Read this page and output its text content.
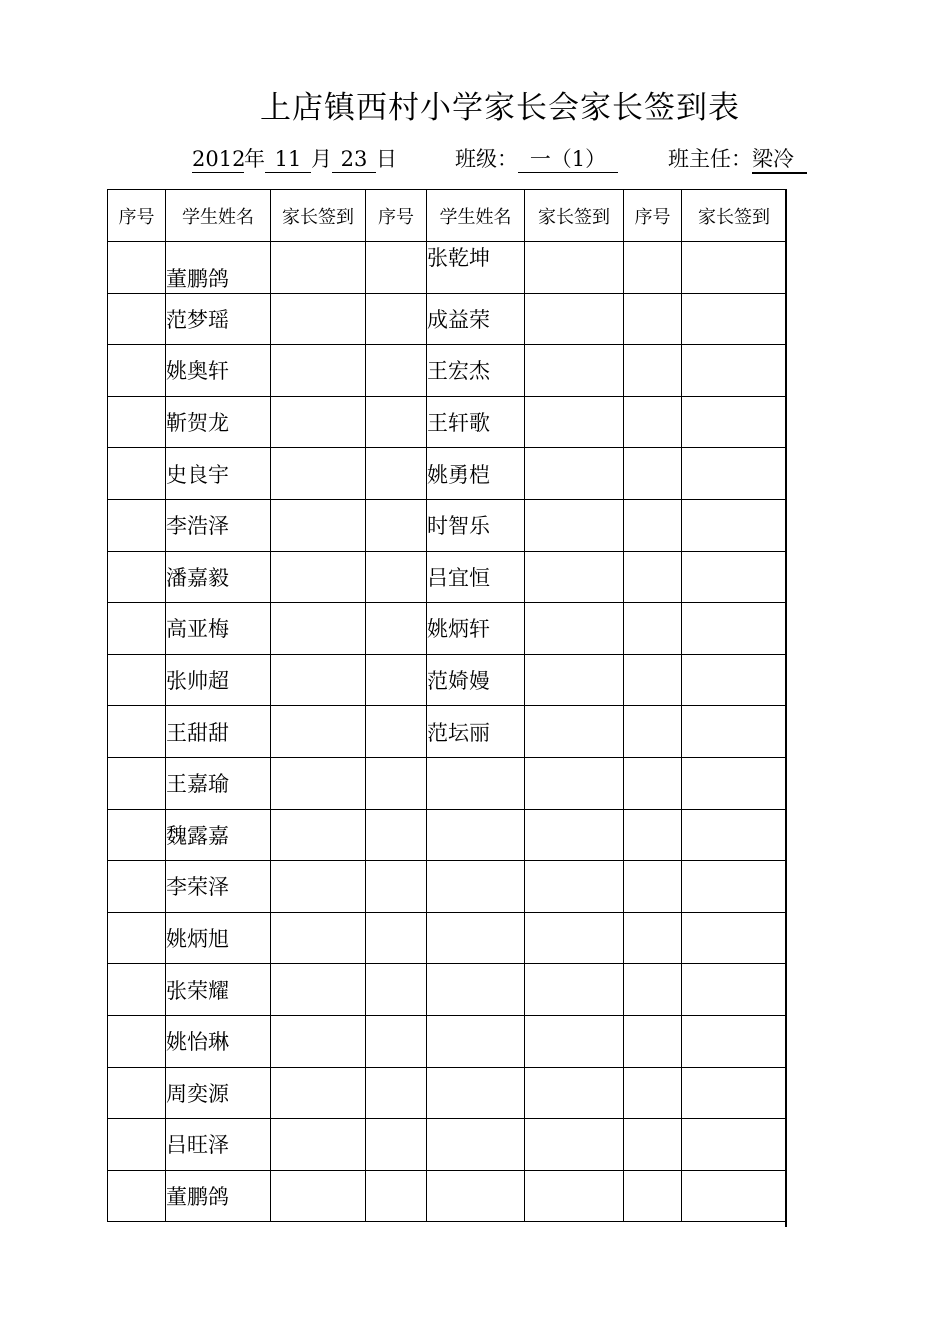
上店镇西村小学家长会家长签到表
2012年 11 月 23 日	班级： 一（1）	班主任：梁冷
序号	学生姓名	家长签到	序号	学生姓名	家长签到	序号	家长签到
	董鹏鸽			张乾坤			
	范梦瑶			成益荣			
	姚奥轩			王宏杰			
	靳贺龙			王轩歌			
	史良宇			姚勇桤			
	李浩泽			时智乐			
	潘嘉毅			吕宜恒			
	高亚梅			姚炳轩			
	张帅超			范婍嫚			
	王甜甜			范坛丽			
	王嘉瑜						
	魏露嘉						
	李荣泽						
	姚炳旭						
	张荣耀						
	姚怡琳						
	周奕源						
	吕旺泽						
	董鹏鸽						
